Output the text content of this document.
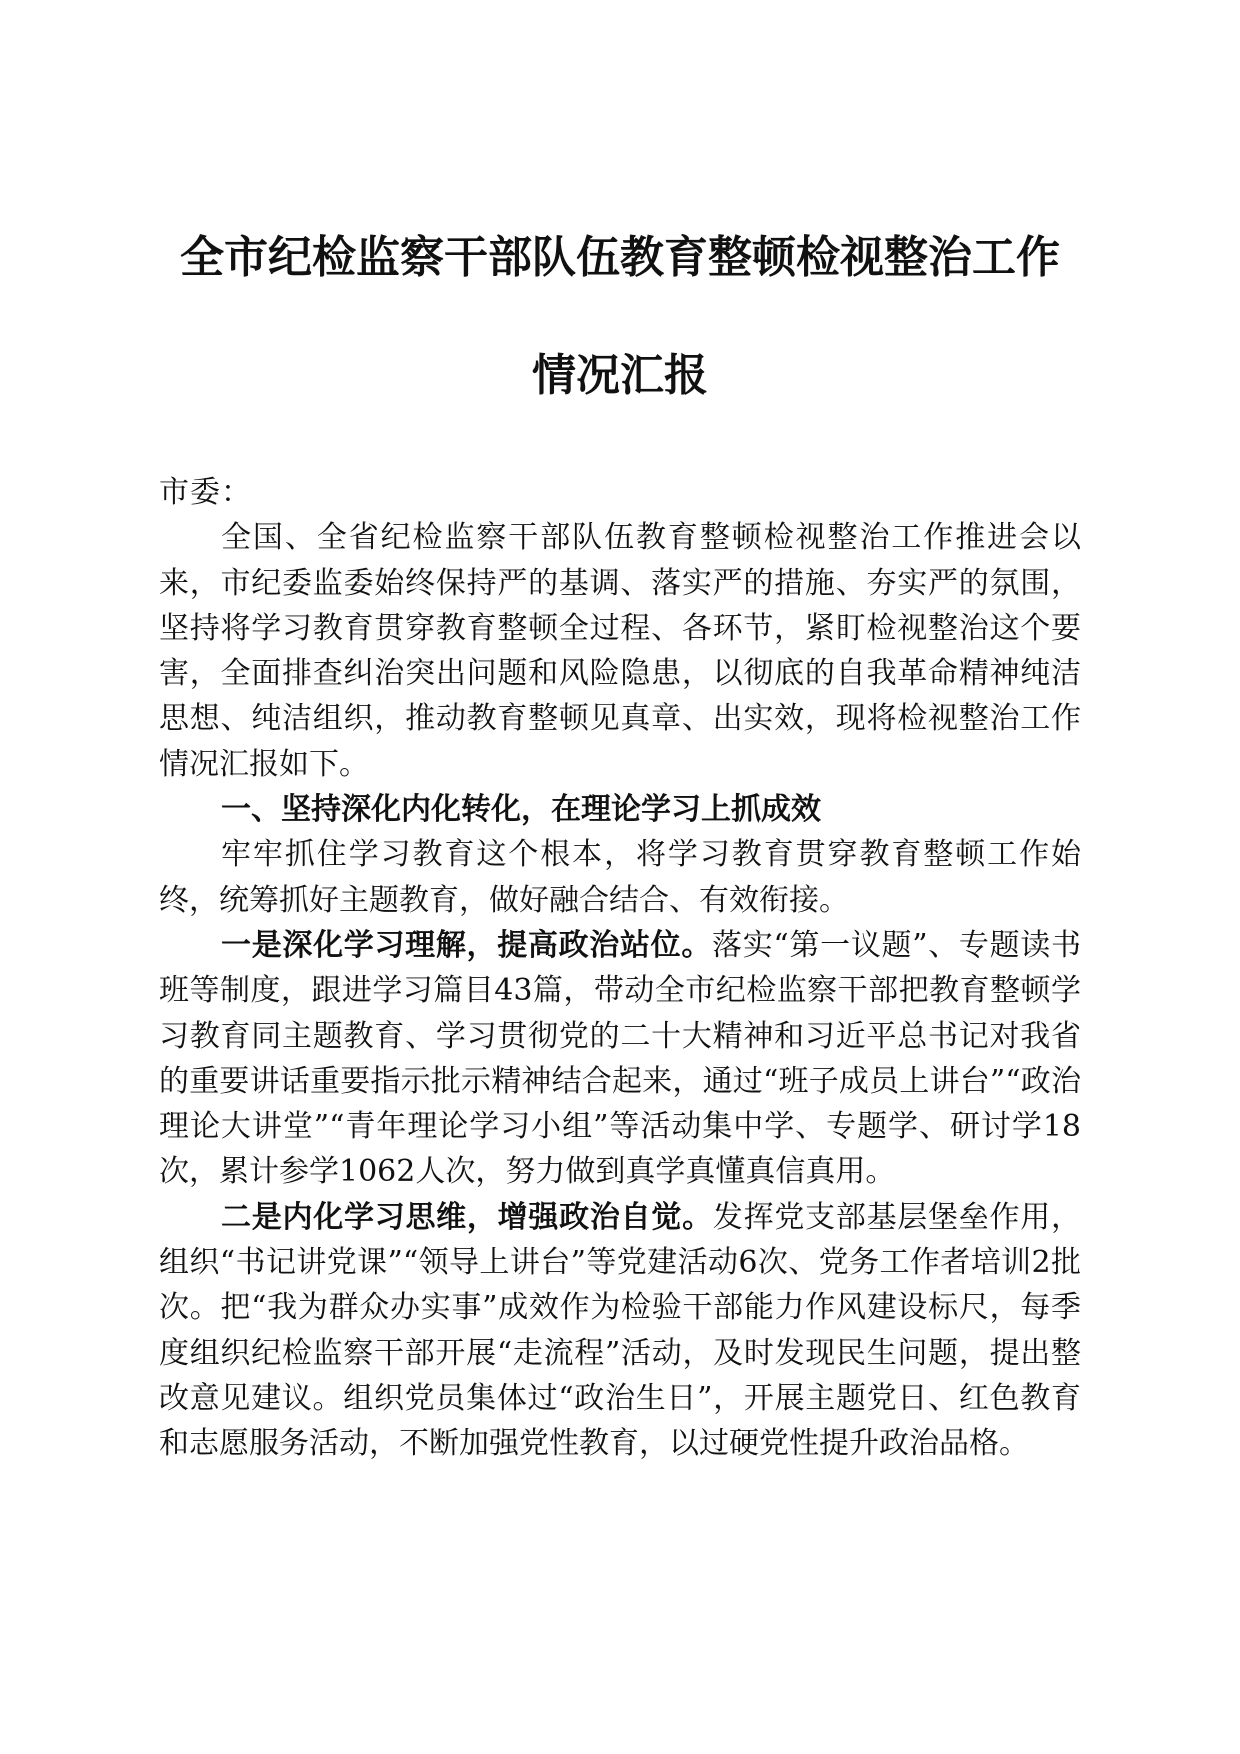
全市纪检监察干部队伍教育整顿检视整治工作
情况汇报

市委：

全国、全省纪检监察干部队伍教育整顿检视整治工作推进会以来，市纪委监委始终保持严的基调、落实严的措施、夯实严的氛围，坚持将学习教育贯穿教育整顿全过程、各环节，紧盯检视整治这个要害，全面排查纠治突出问题和风险隐患，以彻底的自我革命精神纯洁思想、纯洁组织，推动教育整顿见真章、出实效，现将检视整治工作情况汇报如下。

一、坚持深化内化转化，在理论学习上抓成效

牢牢抓住学习教育这个根本，将学习教育贯穿教育整顿工作始终，统筹抓好主题教育，做好融合结合、有效衔接。

一是深化学习理解，提高政治站位。落实“第一议题”、专题读书班等制度，跟进学习篇目43篇，带动全市纪检监察干部把教育整顿学习教育同主题教育、学习贯彻党的二十大精神和习近平总书记对我省的重要讲话重要指示批示精神结合起来，通过“班子成员上讲台”“政治理论大讲堂”“青年理论学习小组”等活动集中学、专题学、研讨学18次，累计参学1062人次，努力做到真学真懂真信真用。

二是内化学习思维，增强政治自觉。发挥党支部基层堡垒作用，组织“书记讲党课”“领导上讲台”等党建活动6次、党务工作者培训2批次。把“我为群众办实事”成效作为检验干部能力作风建设标尺，每季度组织纪检监察干部开展“走流程”活动，及时发现民生问题，提出整改意见建议。组织党员集体过“政治生日”，开展主题党日、红色教育和志愿服务活动，不断加强党性教育，以过硬党性提升政治品格。
